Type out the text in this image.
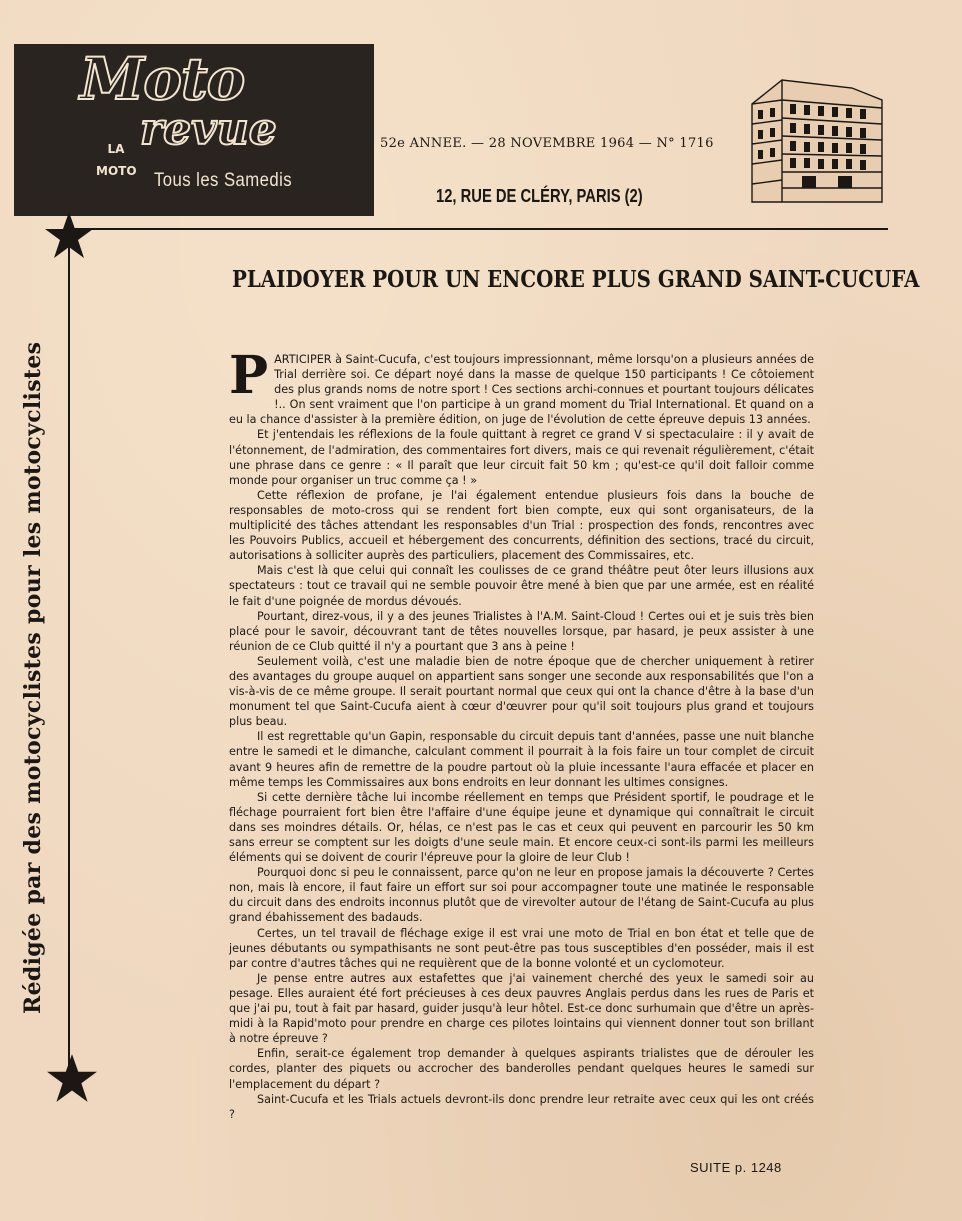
Moto
revue
LA
MOTO Tous les Samedis
52e ANNEE. — 28 NOVEMBRE 1964 — N° 1716
12, RUE DE CLÉRY, PARIS (2)
Rédigée par des motocyclistes pour les motocyclistes
PLAIDOYER POUR UN ENCORE PLUS GRAND SAINT-CUCUFA

PARTICIPER à Saint-Cucufa, c'est toujours impressionnant, même lorsqu'on a plusieurs années de Trial derrière soi. Ce départ noyé dans la masse de quelque 150 participants ! Ce côtoiement des plus grands noms de notre sport ! Ces sections archi-connues et pourtant toujours délicates !.. On sent vraiment que l'on participe à un grand moment du Trial International. Et quand on a eu la chance d'assister à la première édition, on juge de l'évolution de cette épreuve depuis 13 années.

Et j'entendais les réflexions de la foule quittant à regret ce grand V si spectaculaire : il y avait de l'étonnement, de l'admiration, des commentaires fort divers, mais ce qui revenait régulièrement, c'était une phrase dans ce genre : « Il paraît que leur circuit fait 50 km ; qu'est-ce qu'il doit falloir comme monde pour organiser un truc comme ça ! »

Cette réflexion de profane, je l'ai également entendue plusieurs fois dans la bouche de responsables de moto-cross qui se rendent fort bien compte, eux qui sont organisateurs, de la multiplicité des tâches attendant les responsables d'un Trial : prospection des fonds, rencontres avec les Pouvoirs Publics, accueil et hébergement des concurrents, définition des sections, tracé du circuit, autorisations à solliciter auprès des particuliers, placement des Commissaires, etc.

Mais c'est là que celui qui connaît les coulisses de ce grand théâtre peut ôter leurs illusions aux spectateurs : tout ce travail qui ne semble pouvoir être mené à bien que par une armée, est en réalité le fait d'une poignée de mordus dévoués.

Pourtant, direz-vous, il y a des jeunes Trialistes à l'A.M. Saint-Cloud ! Certes oui et je suis très bien placé pour le savoir, découvrant tant de têtes nouvelles lorsque, par hasard, je peux assister à une réunion de ce Club quitté il n'y a pourtant que 3 ans à peine !

Seulement voilà, c'est une maladie bien de notre époque que de chercher uniquement à retirer des avantages du groupe auquel on appartient sans songer une seconde aux responsabilités que l'on a vis-à-vis de ce même groupe. Il serait pourtant normal que ceux qui ont la chance d'être à la base d'un monument tel que Saint-Cucufa aient à cœur d'œuvrer pour qu'il soit toujours plus grand et toujours plus beau.

Il est regrettable qu'un Gapin, responsable du circuit depuis tant d'années, passe une nuit blanche entre le samedi et le dimanche, calculant comment il pourrait à la fois faire un tour complet de circuit avant 9 heures afin de remettre de la poudre partout où la pluie incessante l'aura effacée et placer en même temps les Commissaires aux bons endroits en leur donnant les ultimes consignes.

Si cette dernière tâche lui incombe réellement en temps que Président sportif, le poudrage et le fléchage pourraient fort bien être l'affaire d'une équipe jeune et dynamique qui connaîtrait le circuit dans ses moindres détails. Or, hélas, ce n'est pas le cas et ceux qui peuvent en parcourir les 50 km sans erreur se comptent sur les doigts d'une seule main. Et encore ceux-ci sont-ils parmi les meilleurs éléments qui se doivent de courir l'épreuve pour la gloire de leur Club !

Pourquoi donc si peu le connaissent, parce qu'on ne leur en propose jamais la découverte ? Certes non, mais là encore, il faut faire un effort sur soi pour accompagner toute une matinée le responsable du circuit dans des endroits inconnus plutôt que de virevolter autour de l'étang de Saint-Cucufa au plus grand ébahissement des badauds.

Certes, un tel travail de fléchage exige il est vrai une moto de Trial en bon état et telle que de jeunes débutants ou sympathisants ne sont peut-être pas tous susceptibles d'en posséder, mais il est par contre d'autres tâches qui ne requièrent que de la bonne volonté et un cyclomoteur.

Je pense entre autres aux estafettes que j'ai vainement cherché des yeux le samedi soir au pesage. Elles auraient été fort précieuses à ces deux pauvres Anglais perdus dans les rues de Paris et que j'ai pu, tout à fait par hasard, guider jusqu'à leur hôtel. Est-ce donc surhumain que d'être un après-midi à la Rapid'moto pour prendre en charge ces pilotes lointains qui viennent donner tout son brillant à notre épreuve ?

Enfin, serait-ce également trop demander à quelques aspirants trialistes que de dérouler les cordes, planter des piquets ou accrocher des banderolles pendant quelques heures le samedi sur l'emplacement du départ ?

Saint-Cucufa et les Trials actuels devront-ils donc prendre leur retraite avec ceux qui les ont créés ?

SUITE p. 1248
